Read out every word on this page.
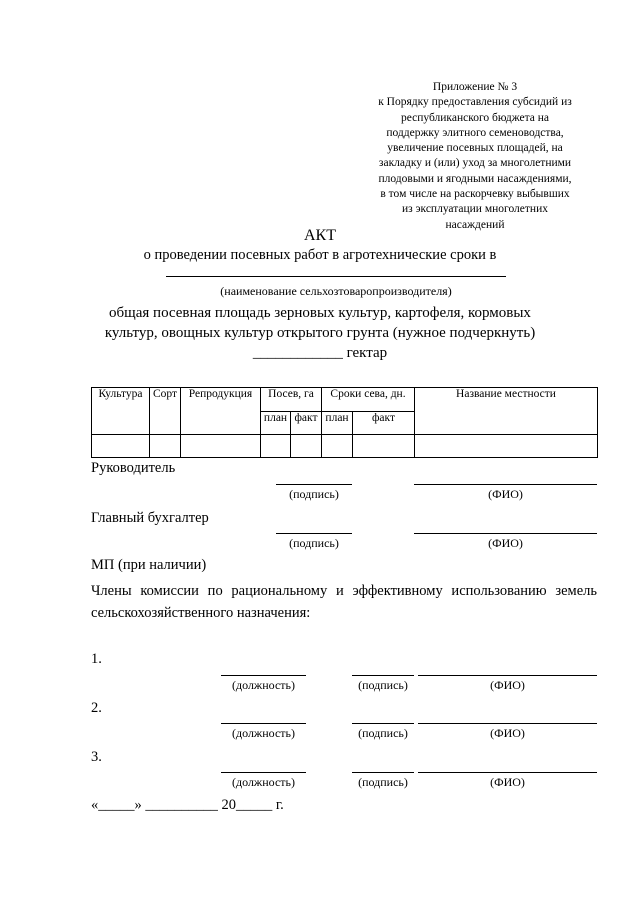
Приложение № 3
к Порядку предоставления субсидий из
республиканского бюджета на
поддержку элитного семеноводства,
увеличение посевных площадей, на
закладку и (или) уход за многолетними
плодовыми и ягодными насаждениями,
в том числе на раскорчевку выбывших
из эксплуатации многолетних
насаждений
АКТ
о проведении посевных работ в агротехнические сроки в
(наименование сельхозтоваропроизводителя)
общая посевная площадь зерновых культур, картофеля, кормовых
культур, овощных культур открытого грунта (нужное подчеркнуть)
____________ гектар
Культура	Сорт	Репродукция	Посев, га		Сроки сева, дн.		Название местности
			план	факт	план	факт	

Руководитель
(подпись)	(ФИО)
Главный бухгалтер
(подпись)	(ФИО)
МП (при наличии)
Члены комиссии по рациональному и эффективному использованию земель сельскохозяйственного назначения:
1.
(должность)	(подпись)	(ФИО)
2.
(должность)	(подпись)	(ФИО)
3.
(должность)	(подпись)	(ФИО)
«_____» __________ 20_____ г.
